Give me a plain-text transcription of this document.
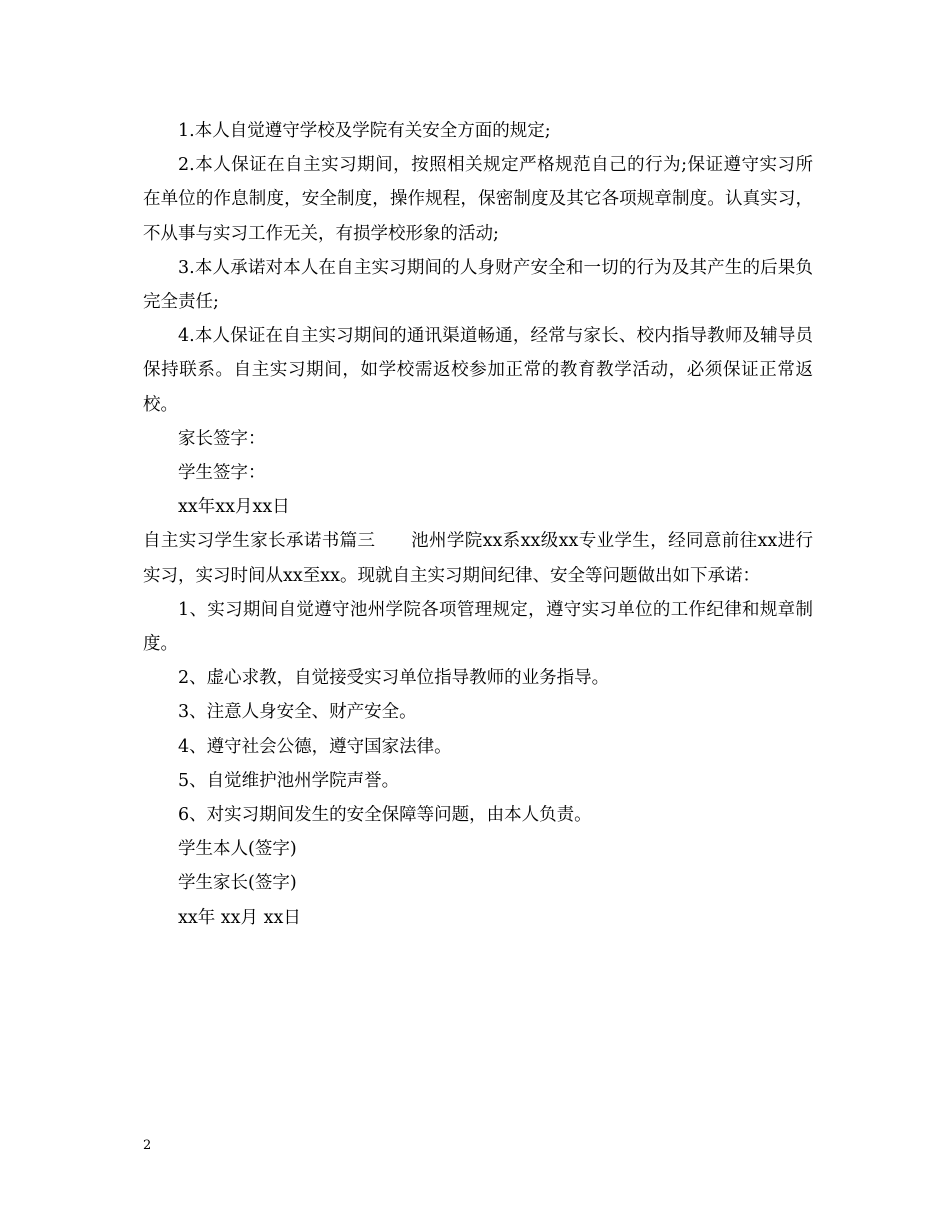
1.本人自觉遵守学校及学院有关安全方面的规定;

2.本人保证在自主实习期间，按照相关规定严格规范自己的行为;保证遵守实习所在单位的作息制度，安全制度，操作规程，保密制度及其它各项规章制度。认真实习，不从事与实习工作无关，有损学校形象的活动;

3.本人承诺对本人在自主实习期间的人身财产安全和一切的行为及其产生的后果负完全责任;

4.本人保证在自主实习期间的通讯渠道畅通，经常与家长、校内指导教师及辅导员保持联系。自主实习期间，如学校需返校参加正常的教育教学活动，必须保证正常返校。

家长签字：

学生签字：

xx年xx月xx日

自主实习学生家长承诺书篇三　　池州学院xx系xx级xx专业学生，经同意前往xx进行实习，实习时间从xx至xx。现就自主实习期间纪律、安全等问题做出如下承诺：

1、实习期间自觉遵守池州学院各项管理规定，遵守实习单位的工作纪律和规章制度。

2、虚心求教，自觉接受实习单位指导教师的业务指导。

3、注意人身安全、财产安全。

4、遵守社会公德，遵守国家法律。

5、自觉维护池州学院声誉。

6、对实习期间发生的安全保障等问题，由本人负责。

学生本人(签字)

学生家长(签字)

xx年 xx月 xx日

2
